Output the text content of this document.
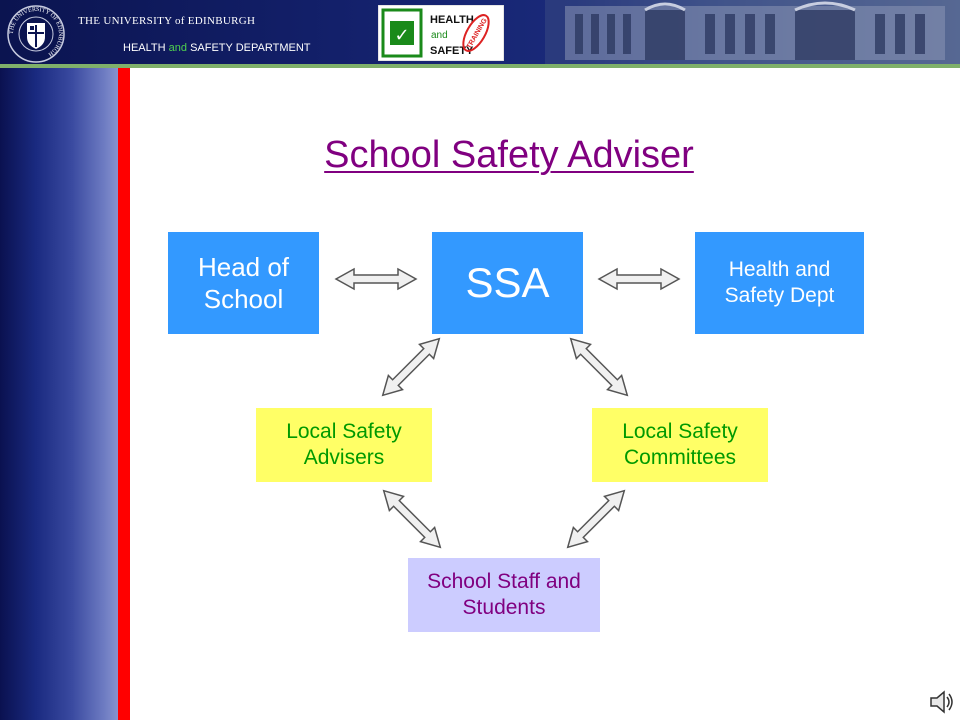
THE UNIVERSITY OF EDINBURGH
THE UNIVERSITY of EDINBURGH
HEALTH and SAFETY DEPARTMENT
✓
HEALTH
and
SAFETY
TRAINING
School Safety Adviser
Head of School	SSA	Health and Safety Dept
Local Safety Advisers
Local Safety Committees
School Staff and Students
